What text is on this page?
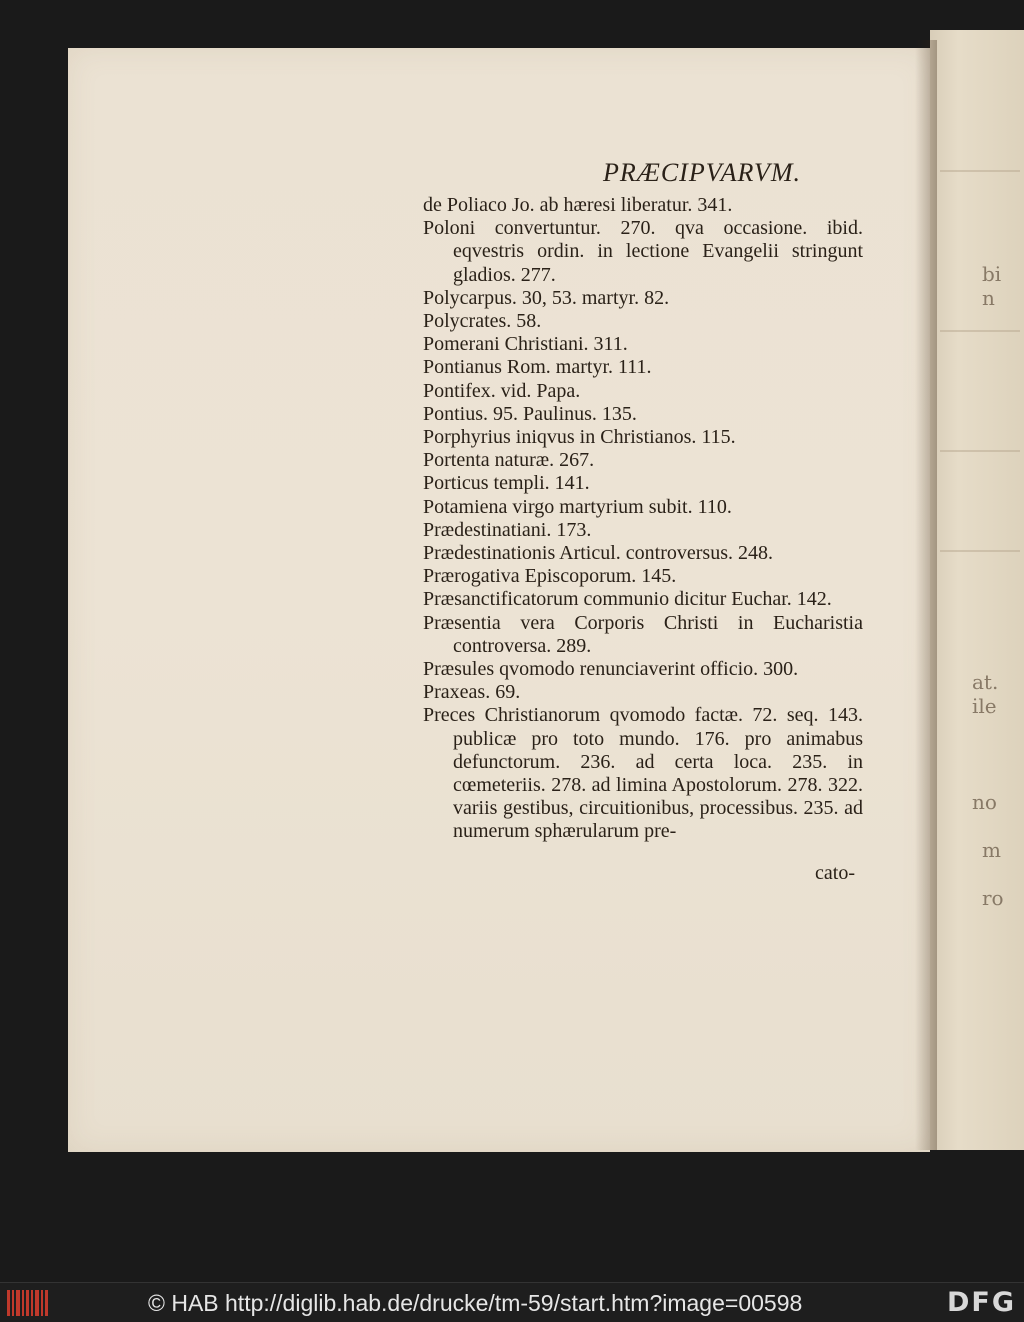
bi
n
at.
ile
no
m
ro

PRÆCIPVARVM.
de Poliaco Jo. ab hæresi liberatur. 341.
Poloni convertuntur. 270. qva occasione. ibid. eqvestris ordin. in lectione Evangelii stringunt gladios. 277.
Polycarpus. 30, 53. martyr. 82.
Polycrates. 58.
Pomerani Christiani. 311.
Pontianus Rom. martyr. 111.
Pontifex. vid. Papa.
Pontius. 95. Paulinus. 135.
Porphyrius iniqvus in Christianos. 115.
Portenta naturæ. 267.
Porticus templi. 141.
Potamiena virgo martyrium subit. 110.
Prædestinatiani. 173.
Prædestinationis Articul. controversus. 248.
Prærogativa Episcoporum. 145.
Præsanctificatorum communio dicitur Euchar. 142.
Præsentia vera Corporis Christi in Eucharistia controversa. 289.
Præsules qvomodo renunciaverint officio. 300.
Praxeas. 69.
Preces Christianorum qvomodo factæ. 72. seq. 143. publicæ pro toto mundo. 176. pro animabus defunctorum. 236. ad certa loca. 235. in cœmeteriis. 278. ad limina Apostolorum. 278. 322. variis gestibus, circuitionibus, processibus. 235. ad numerum sphærularum pre-
cato-
© HAB http://diglib.hab.de/drucke/tm-59/start.htm?image=00598	DFG
